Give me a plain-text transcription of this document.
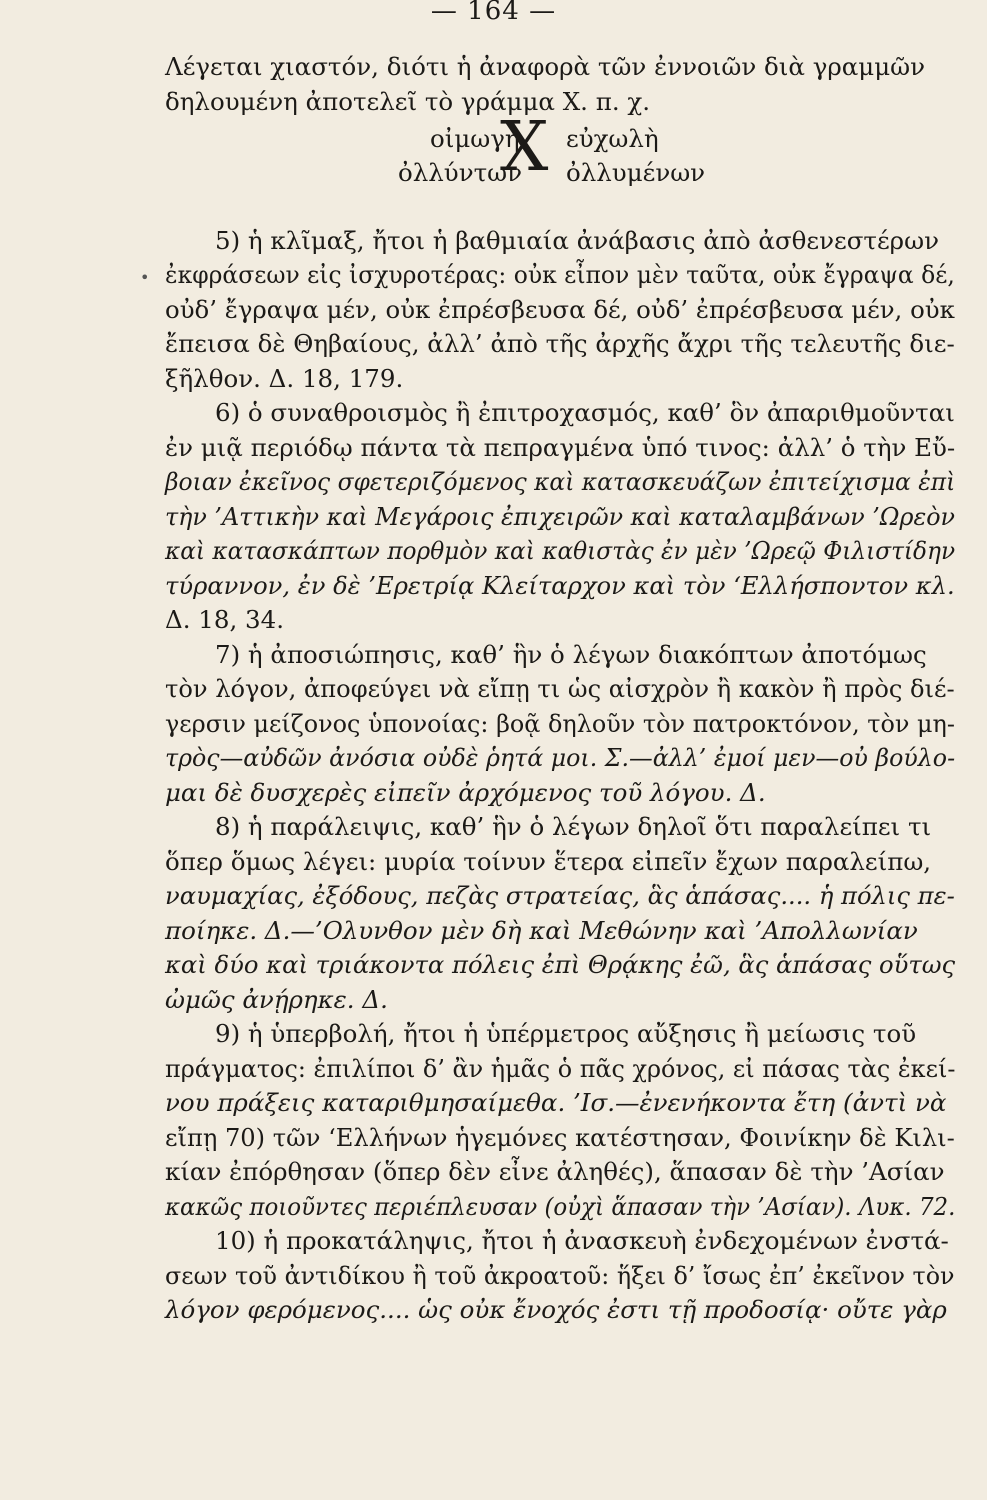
— 164 —
Λέγεται χιαστόν, διότι ἡ ἀναφορὰ τῶν ἐννοιῶν διὰ γραμμῶν
δηλουμένη ἀποτελεῖ τὸ γράμμα Χ. π. χ.
οἰμωγὴ
Χ εὐχωλὴ
ὀλλύντων ὀλλυμένων
5) ἡ κλῖμαξ, ἤτοι ἡ βαθμιαία ἀνάβασις ἀπὸ ἀσθενεστέρων
ἐκφράσεων εἰς ἰσχυροτέρας: οὐκ εἶπον μὲν ταῦτα, οὐκ ἔγραψα δέ,
•
οὐδ’ ἔγραψα μέν, οὐκ ἐπρέσβευσα δέ, οὐδ’ ἐπρέσβευσα μέν, οὐκ
ἔπεισα δὲ Θηβαίους, ἀλλ’ ἀπὸ τῆς ἀρχῆς ἄχρι τῆς τελευτῆς διε-
ξῆλθον. Δ. 18, 179.
6) ὁ συναθροισμὸς ἢ ἐπιτροχασμός, καθ’ ὃν ἀπαριθμοῦνται
ἐν μιᾷ περιόδῳ πάντα τὰ πεπραγμένα ὑπό τινος: ἀλλ’ ὁ τὴν Εὔ-
βοιαν ἐκεῖνος σφετεριζόμενος καὶ κατασκευάζων ἐπιτείχισμα ἐπὶ
τὴν ’Αττικὴν καὶ Μεγάροις ἐπιχειρῶν καὶ καταλαμβάνων ’Ωρεὸν
καὶ κατασκάπτων πορθμὸν καὶ καθιστὰς ἐν μὲν ’Ωρεῷ Φιλιστίδην
τύραννον, ἐν δὲ ’Ερετρίᾳ Κλείταρχον καὶ τὸν ‘Ελλήσποντον κλ.
Δ. 18, 34.
7) ἡ ἀποσιώπησις, καθ’ ἣν ὁ λέγων διακόπτων ἀποτόμως
τὸν λόγον, ἀποφεύγει νὰ εἴπῃ τι ὡς αἰσχρὸν ἢ κακὸν ἢ πρὸς διέ-
γερσιν μείζονος ὑπονοίας: βοᾷ δηλοῦν τὸν πατροκτόνον, τὸν μη-
τρὸς—αὐδῶν ἀνόσια οὐδὲ ῥητά μοι. Σ.—ἀλλ’ ἐμοί μεν—οὐ βούλο-
μαι δὲ δυσχερὲς εἰπεῖν ἀρχόμενος τοῦ λόγου. Δ.
8) ἡ παράλειψις, καθ’ ἣν ὁ λέγων δηλοῖ ὅτι παραλείπει τι
ὅπερ ὅμως λέγει: μυρία τοίνυν ἕτερα εἰπεῖν ἔχων παραλείπω,
ναυμαχίας, ἐξόδους, πεζὰς στρατείας, ἃς ἁπάσας.... ἡ πόλις πε-
ποίηκε. Δ.—’Ολυνθον μὲν δὴ καὶ Μεθώνην καὶ ’Απολλωνίαν
καὶ δύο καὶ τριάκοντα πόλεις ἐπὶ Θρᾴκης ἐῶ, ἃς ἁπάσας οὕτως
ὠμῶς ἀνῄρηκε. Δ.
9) ἡ ὑπερβολή, ἤτοι ἡ ὑπέρμετρος αὔξησις ἢ μείωσις τοῦ
πράγματος: ἐπιλίποι δ’ ἂν ἡμᾶς ὁ πᾶς χρόνος, εἰ πάσας τὰς ἐκεί-
νου πράξεις καταριθμησαίμεθα. ’Ισ.—ἐνενήκοντα ἔτη (ἀντὶ νὰ
εἴπῃ 70) τῶν ‘Ελλήνων ἡγεμόνες κατέστησαν, Φοινίκην δὲ Κιλι-
κίαν ἐπόρθησαν (ὅπερ δὲν εἶνε ἀληθές), ἅπασαν δὲ τὴν ’Ασίαν
κακῶς ποιοῦντες περιέπλευσαν (οὐχὶ ἅπασαν τὴν ’Ασίαν). Λυκ. 72.
10) ἡ προκατάληψις, ἤτοι ἡ ἀνασκευὴ ἐνδεχομένων ἐνστά-
σεων τοῦ ἀντιδίκου ἢ τοῦ ἀκροατοῦ: ἥξει δ’ ἴσως ἐπ’ ἐκεῖνον τὸν
λόγον φερόμενος.... ὡς οὐκ ἔνοχός ἐστι τῇ προδοσίᾳ· οὔτε γὰρ
